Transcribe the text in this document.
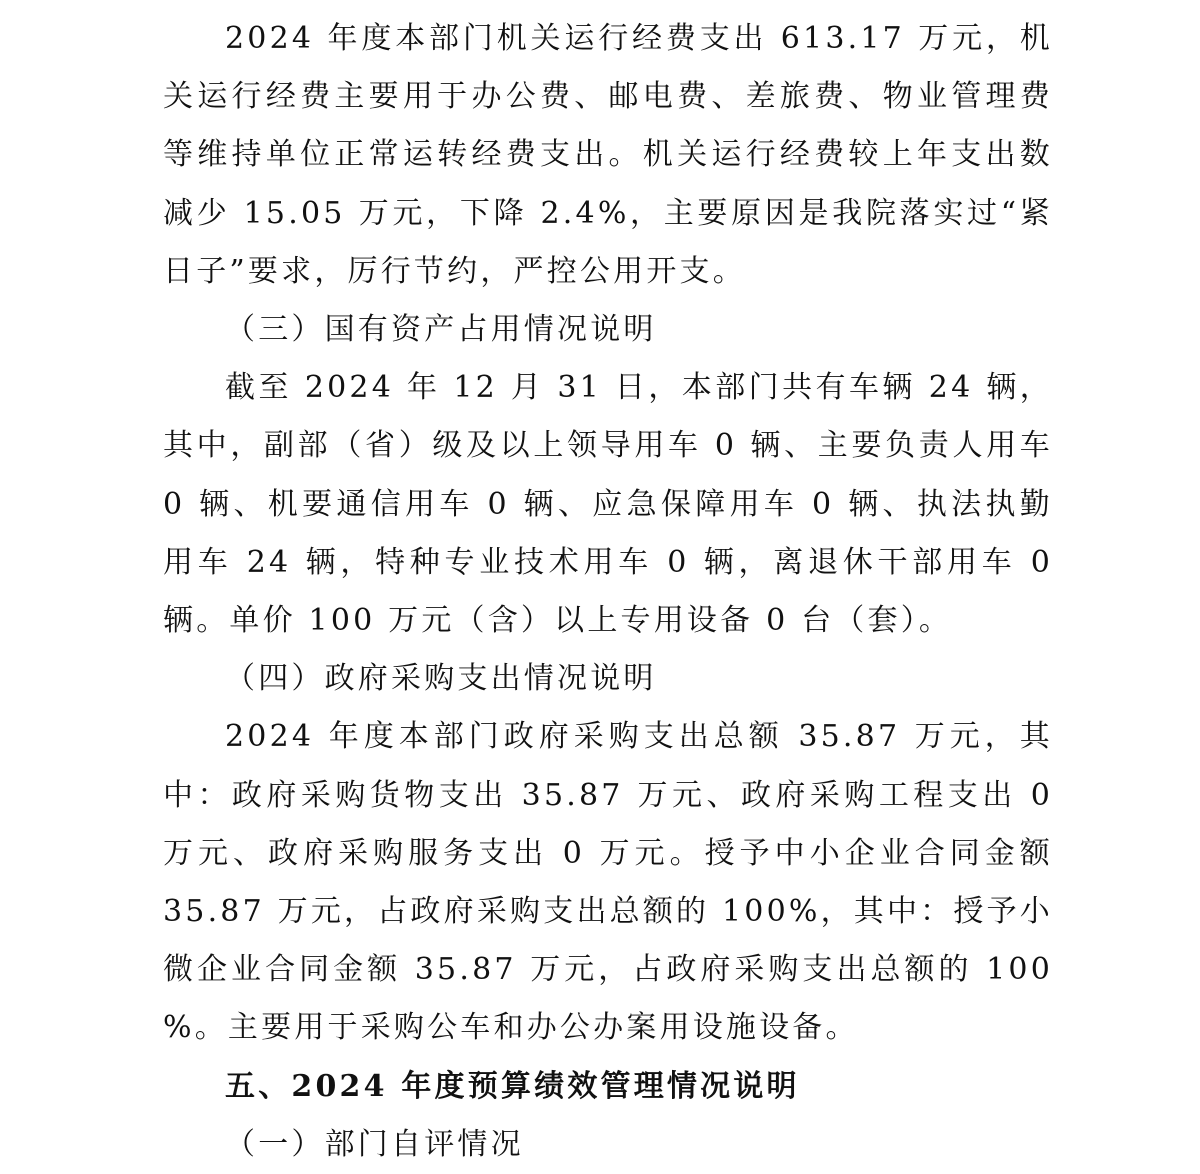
2024 年度本部门机关运行经费支出 613.17 万元，机关运行经费主要用于办公费、邮电费、差旅费、物业管理费等维持单位正常运转经费支出。机关运行经费较上年支出数减少 15.05 万元，下降 2.4%，主要原因是我院落实过“紧日子”要求，厉行节约，严控公用开支。

（三）国有资产占用情况说明

截至 2024 年 12 月 31 日，本部门共有车辆 24 辆，其中，副部（省）级及以上领导用车 0 辆、主要负责人用车 0 辆、机要通信用车 0 辆、应急保障用车 0 辆、执法执勤用车 24 辆，特种专业技术用车 0 辆，离退休干部用车 0 辆。单价 100 万元（含）以上专用设备 0 台（套）。

（四）政府采购支出情况说明

2024 年度本部门政府采购支出总额 35.87 万元，其中：政府采购货物支出 35.87 万元、政府采购工程支出 0 万元、政府采购服务支出 0 万元。授予中小企业合同金额 35.87 万元，占政府采购支出总额的 100%，其中：授予小微企业合同金额 35.87 万元，占政府采购支出总额的 100 %。主要用于采购公车和办公办案用设施设备。

五、2024 年度预算绩效管理情况说明

（一）部门自评情况
